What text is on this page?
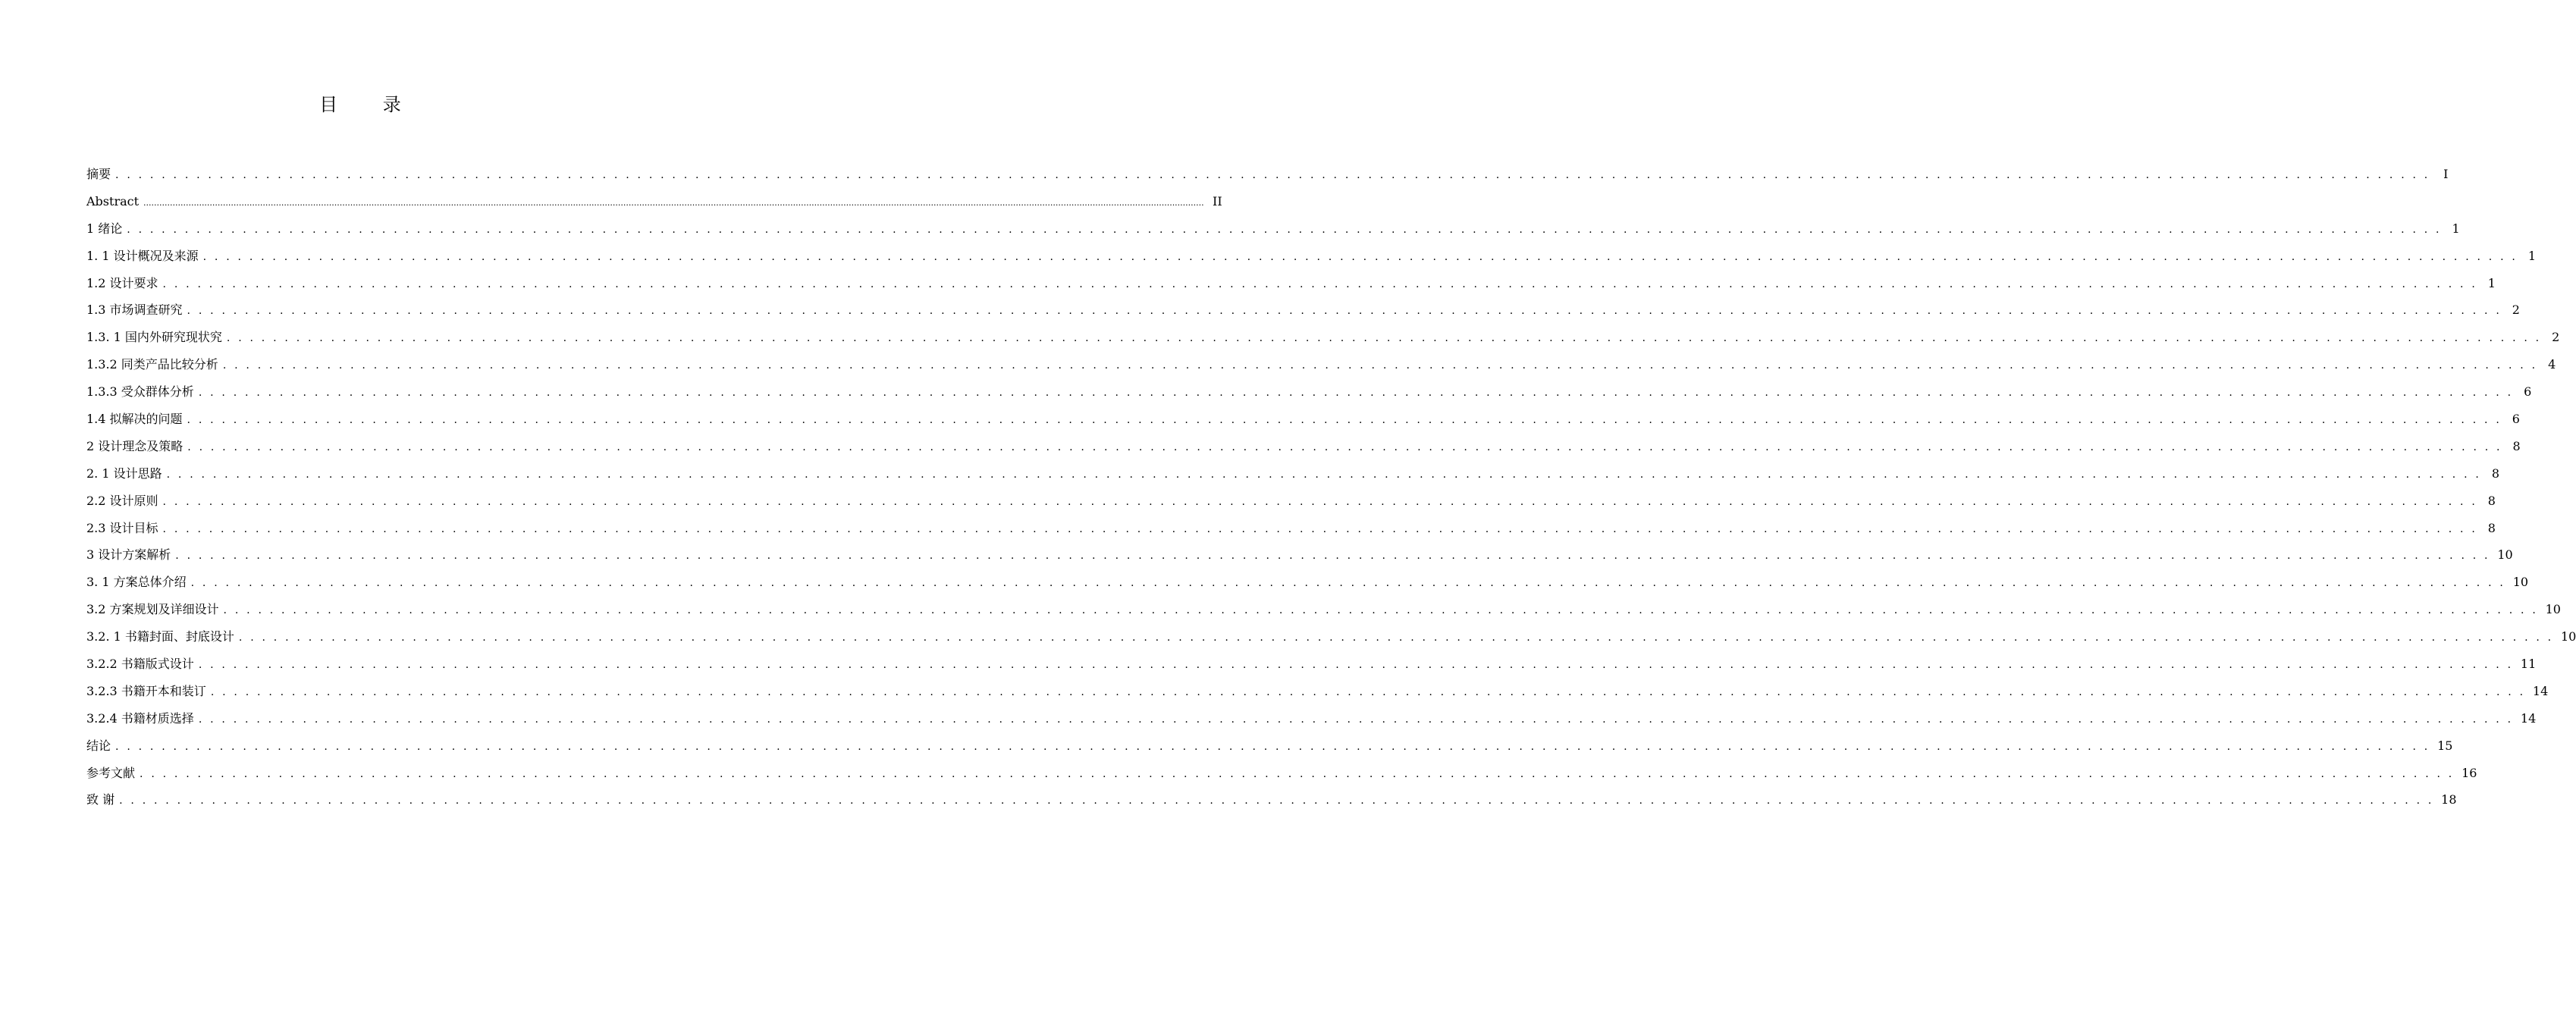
目 录
摘要 . . . . . . . . . . . . . . . . . . . . . . . . . . . . . . . . . . . . . . . . . . . . . . . . . . . . . . . . . . . . . . . . . . . . . . . . . . . . . . . . . . . . . . . . . . . . . . . . . . . . . . . . . . . . . . . . . . . . . . . . . . . . . . . . . . . . . . . . . . . . . . . . . . . . . . . . . . . . . . . . . . . . . . . . . . . . . . . . . . . . . . . . . . . . . . . . . . . . . . . .	I
Abstract ................................................................................................................................................................................................................................................................................................................................................................................................................ II
1 绪论 . . . . . . . . . . . . . . . . . . . . . . . . . . . . . . . . . . . . . . . . . . . . . . . . . . . . . . . . . . . . . . . . . . . . . . . . . . . . . . . . . . . . . . . . . . . . . . . . . . . . . . . . . . . . . . . . . . . . . . . . . . . . . . . . . . . . . . . . . . . . . . . . . . . . . . . . . . . . . . . . . . . . . . . . . . . . . . . . . . . . . . . . . . . . . . . . . . . . . . . . 1
1. 1 设计概况及来源 . . . . . . . . . . . . . . . . . . . . . . . . . . . . . . . . . . . . . . . . . . . . . . . . . . . . . . . . . . . . . . . . . . . . . . . . . . . . . . . . . . . . . . . . . . . . . . . . . . . . . . . . . . . . . . . . . . . . . . . . . . . . . . . . . . . . . . . . . . . . . . . . . . . . . . . . . . . . . . . . . . . . . . . . . . . . . . . . . . . . . . . . . . . . . . . . . . . . . . . . 1
1.2 设计要求 . . . . . . . . . . . . . . . . . . . . . . . . . . . . . . . . . . . . . . . . . . . . . . . . . . . . . . . . . . . . . . . . . . . . . . . . . . . . . . . . . . . . . . . . . . . . . . . . . . . . . . . . . . . . . . . . . . . . . . . . . . . . . . . . . . . . . . . . . . . . . . . . . . . . . . . . . . . . . . . . . . . . . . . . . . . . . . . . . . . . . . . . . . . . . . . . . . . . . . . . 1
1.3 市场调查研究 . . . . . . . . . . . . . . . . . . . . . . . . . . . . . . . . . . . . . . . . . . . . . . . . . . . . . . . . . . . . . . . . . . . . . . . . . . . . . . . . . . . . . . . . . . . . . . . . . . . . . . . . . . . . . . . . . . . . . . . . . . . . . . . . . . . . . . . . . . . . . . . . . . . . . . . . . . . . . . . . . . . . . . . . . . . . . . . . . . . . . . . . . . . . . . . . . . . . . . . . 2
1.3. 1 国内外研究现状究 . . . . . . . . . . . . . . . . . . . . . . . . . . . . . . . . . . . . . . . . . . . . . . . . . . . . . . . . . . . . . . . . . . . . . . . . . . . . . . . . . . . . . . . . . . . . . . . . . . . . . . . . . . . . . . . . . . . . . . . . . . . . . . . . . . . . . . . . . . . . . . . . . . . . . . . . . . . . . . . . . . . . . . . . . . . . . . . . . . . . . . . . . . . . . . . . . . . . . . . . 2
1.3.2 同类产品比较分析 . . . . . . . . . . . . . . . . . . . . . . . . . . . . . . . . . . . . . . . . . . . . . . . . . . . . . . . . . . . . . . . . . . . . . . . . . . . . . . . . . . . . . . . . . . . . . . . . . . . . . . . . . . . . . . . . . . . . . . . . . . . . . . . . . . . . . . . . . . . . . . . . . . . . . . . . . . . . . . . . . . . . . . . . . . . . . . . . . . . . . . . . . . . . . . . . . . . . . . . . 4
1.3.3 受众群体分析 . . . . . . . . . . . . . . . . . . . . . . . . . . . . . . . . . . . . . . . . . . . . . . . . . . . . . . . . . . . . . . . . . . . . . . . . . . . . . . . . . . . . . . . . . . . . . . . . . . . . . . . . . . . . . . . . . . . . . . . . . . . . . . . . . . . . . . . . . . . . . . . . . . . . . . . . . . . . . . . . . . . . . . . . . . . . . . . . . . . . . . . . . . . . . . . . . . . . . . . . 6
1.4 拟解决的问题 . . . . . . . . . . . . . . . . . . . . . . . . . . . . . . . . . . . . . . . . . . . . . . . . . . . . . . . . . . . . . . . . . . . . . . . . . . . . . . . . . . . . . . . . . . . . . . . . . . . . . . . . . . . . . . . . . . . . . . . . . . . . . . . . . . . . . . . . . . . . . . . . . . . . . . . . . . . . . . . . . . . . . . . . . . . . . . . . . . . . . . . . . . . . . . . . . . . . . . . . 6
2 设计理念及策略 . . . . . . . . . . . . . . . . . . . . . . . . . . . . . . . . . . . . . . . . . . . . . . . . . . . . . . . . . . . . . . . . . . . . . . . . . . . . . . . . . . . . . . . . . . . . . . . . . . . . . . . . . . . . . . . . . . . . . . . . . . . . . . . . . . . . . . . . . . . . . . . . . . . . . . . . . . . . . . . . . . . . . . . . . . . . . . . . . . . . . . . . . . . . . . . . . . . . . . . . 8
2. 1 设计思路 . . . . . . . . . . . . . . . . . . . . . . . . . . . . . . . . . . . . . . . . . . . . . . . . . . . . . . . . . . . . . . . . . . . . . . . . . . . . . . . . . . . . . . . . . . . . . . . . . . . . . . . . . . . . . . . . . . . . . . . . . . . . . . . . . . . . . . . . . . . . . . . . . . . . . . . . . . . . . . . . . . . . . . . . . . . . . . . . . . . . . . . . . . . . . . . . . . . . . . . . 8
2.2 设计原则 . . . . . . . . . . . . . . . . . . . . . . . . . . . . . . . . . . . . . . . . . . . . . . . . . . . . . . . . . . . . . . . . . . . . . . . . . . . . . . . . . . . . . . . . . . . . . . . . . . . . . . . . . . . . . . . . . . . . . . . . . . . . . . . . . . . . . . . . . . . . . . . . . . . . . . . . . . . . . . . . . . . . . . . . . . . . . . . . . . . . . . . . . . . . . . . . . . . . . . . . 8
2.3 设计目标 . . . . . . . . . . . . . . . . . . . . . . . . . . . . . . . . . . . . . . . . . . . . . . . . . . . . . . . . . . . . . . . . . . . . . . . . . . . . . . . . . . . . . . . . . . . . . . . . . . . . . . . . . . . . . . . . . . . . . . . . . . . . . . . . . . . . . . . . . . . . . . . . . . . . . . . . . . . . . . . . . . . . . . . . . . . . . . . . . . . . . . . . . . . . . . . . . . . . . . . . 8
3 设计方案解析 . . . . . . . . . . . . . . . . . . . . . . . . . . . . . . . . . . . . . . . . . . . . . . . . . . . . . . . . . . . . . . . . . . . . . . . . . . . . . . . . . . . . . . . . . . . . . . . . . . . . . . . . . . . . . . . . . . . . . . . . . . . . . . . . . . . . . . . . . . . . . . . . . . . . . . . . . . . . . . . . . . . . . . . . . . . . . . . . . . . . . . . . . . . . . . . . . . . . . . . . 10
3. 1 方案总体介绍 . . . . . . . . . . . . . . . . . . . . . . . . . . . . . . . . . . . . . . . . . . . . . . . . . . . . . . . . . . . . . . . . . . . . . . . . . . . . . . . . . . . . . . . . . . . . . . . . . . . . . . . . . . . . . . . . . . . . . . . . . . . . . . . . . . . . . . . . . . . . . . . . . . . . . . . . . . . . . . . . . . . . . . . . . . . . . . . . . . . . . . . . . . . . . . . . . . . . . . . . 10
3.2 方案规划及详细设计 . . . . . . . . . . . . . . . . . . . . . . . . . . . . . . . . . . . . . . . . . . . . . . . . . . . . . . . . . . . . . . . . . . . . . . . . . . . . . . . . . . . . . . . . . . . . . . . . . . . . . . . . . . . . . . . . . . . . . . . . . . . . . . . . . . . . . . . . . . . . . . . . . . . . . . . . . . . . . . . . . . . . . . . . . . . . . . . . . . . . . . . . . . . . . . . . . . . . . . . . 10
3.2. 1 书籍封面、封底设计 . . . . . . . . . . . . . . . . . . . . . . . . . . . . . . . . . . . . . . . . . . . . . . . . . . . . . . . . . . . . . . . . . . . . . . . . . . . . . . . . . . . . . . . . . . . . . . . . . . . . . . . . . . . . . . . . . . . . . . . . . . . . . . . . . . . . . . . . . . . . . . . . . . . . . . . . . . . . . . . . . . . . . . . . . . . . . . . . . . . . . . . . . . . . . . . . . . . . . . . . 10
3.2.2 书籍版式设计 . . . . . . . . . . . . . . . . . . . . . . . . . . . . . . . . . . . . . . . . . . . . . . . . . . . . . . . . . . . . . . . . . . . . . . . . . . . . . . . . . . . . . . . . . . . . . . . . . . . . . . . . . . . . . . . . . . . . . . . . . . . . . . . . . . . . . . . . . . . . . . . . . . . . . . . . . . . . . . . . . . . . . . . . . . . . . . . . . . . . . . . . . . . . . . . . . . . . . . . . 11
3.2.3 书籍开本和装订 . . . . . . . . . . . . . . . . . . . . . . . . . . . . . . . . . . . . . . . . . . . . . . . . . . . . . . . . . . . . . . . . . . . . . . . . . . . . . . . . . . . . . . . . . . . . . . . . . . . . . . . . . . . . . . . . . . . . . . . . . . . . . . . . . . . . . . . . . . . . . . . . . . . . . . . . . . . . . . . . . . . . . . . . . . . . . . . . . . . . . . . . . . . . . . . . . . . . . . . . 14
3.2.4 书籍材质选择 . . . . . . . . . . . . . . . . . . . . . . . . . . . . . . . . . . . . . . . . . . . . . . . . . . . . . . . . . . . . . . . . . . . . . . . . . . . . . . . . . . . . . . . . . . . . . . . . . . . . . . . . . . . . . . . . . . . . . . . . . . . . . . . . . . . . . . . . . . . . . . . . . . . . . . . . . . . . . . . . . . . . . . . . . . . . . . . . . . . . . . . . . . . . . . . . . . . . . . . . 14
结论 . . . . . . . . . . . . . . . . . . . . . . . . . . . . . . . . . . . . . . . . . . . . . . . . . . . . . . . . . . . . . . . . . . . . . . . . . . . . . . . . . . . . . . . . . . . . . . . . . . . . . . . . . . . . . . . . . . . . . . . . . . . . . . . . . . . . . . . . . . . . . . . . . . . . . . . . . . . . . . . . . . . . . . . . . . . . . . . . . . . . . . . . . . . . . . . . . . . . . . . . 15
参考文献 . . . . . . . . . . . . . . . . . . . . . . . . . . . . . . . . . . . . . . . . . . . . . . . . . . . . . . . . . . . . . . . . . . . . . . . . . . . . . . . . . . . . . . . . . . . . . . . . . . . . . . . . . . . . . . . . . . . . . . . . . . . . . . . . . . . . . . . . . . . . . . . . . . . . . . . . . . . . . . . . . . . . . . . . . . . . . . . . . . . . . . . . . . . . . . . . . . . . . . . . 16
致 谢 . . . . . . . . . . . . . . . . . . . . . . . . . . . . . . . . . . . . . . . . . . . . . . . . . . . . . . . . . . . . . . . . . . . . . . . . . . . . . . . . . . . . . . . . . . . . . . . . . . . . . . . . . . . . . . . . . . . . . . . . . . . . . . . . . . . . . . . . . . . . . . . . . . . . . . . . . . . . . . . . . . . . . . . . . . . . . . . . . . . . . . . . . . . . . . . . . . . . . . . . 18
